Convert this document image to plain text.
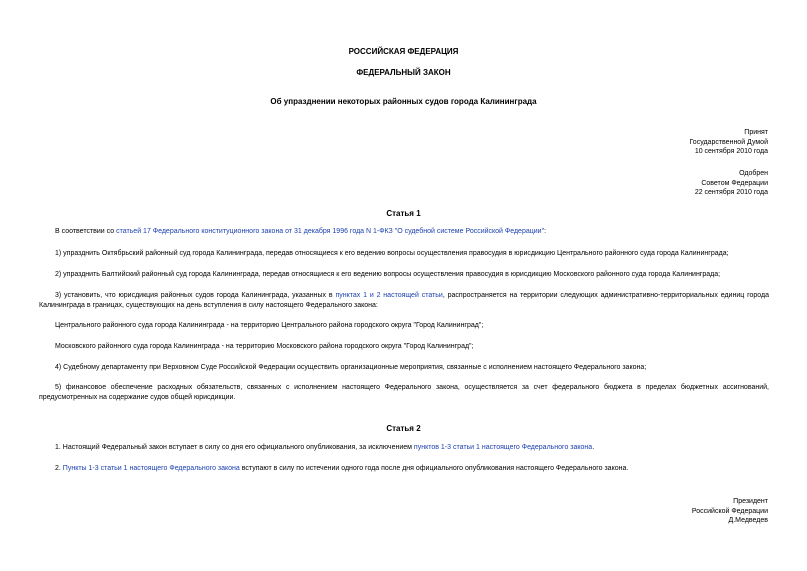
РОССИЙСКАЯ ФЕДЕРАЦИЯ
ФЕДЕРАЛЬНЫЙ ЗАКОН
Об упразднении некоторых районных судов города Калининграда
Принят
Государственной Думой
10 сентября 2010 года
Одобрен
Советом Федерации
22 сентября 2010 года
Статья 1
В соответствии со статьей 17 Федерального конституционного закона от 31 декабря 1996 года N 1-ФКЗ "О судебной системе Российской Федерации":
1) упразднить Октябрьский районный суд города Калининграда, передав относящиеся к его ведению вопросы осуществления правосудия в юрисдикцию Центрального районного суда города Калининграда;
2) упразднить Балтийский районный суд города Калининграда, передав относящиеся к его ведению вопросы осуществления правосудия в юрисдикцию Московского районного суда города Калининграда;
3) установить, что юрисдикция районных судов города Калининграда, указанных в пунктах 1 и 2 настоящей статьи, распространяется на территории следующих административно-территориальных единиц города Калининграда в границах, существующих на день вступления в силу настоящего Федерального закона:
Центрального районного суда города Калининграда - на территорию Центрального района городского округа "Город Калининград";
Московского районного суда города Калининграда - на территорию Московского района городского округа "Город Калининград";
4) Судебному департаменту при Верховном Суде Российской Федерации осуществить организационные мероприятия, связанные с исполнением настоящего Федерального закона;
5) финансовое обеспечение расходных обязательств, связанных с исполнением настоящего Федерального закона, осуществляется за счет федерального бюджета в пределах бюджетных ассигнований, предусмотренных на содержание судов общей юрисдикции.
Статья 2
1. Настоящий Федеральный закон вступает в силу со дня его официального опубликования, за исключением пунктов 1-3 статьи 1 настоящего Федерального закона.
2. Пункты 1-3 статьи 1 настоящего Федерального закона вступают в силу по истечении одного года после дня официального опубликования настоящего Федерального закона.
Президент
Российской Федерации
Д.Медведев
